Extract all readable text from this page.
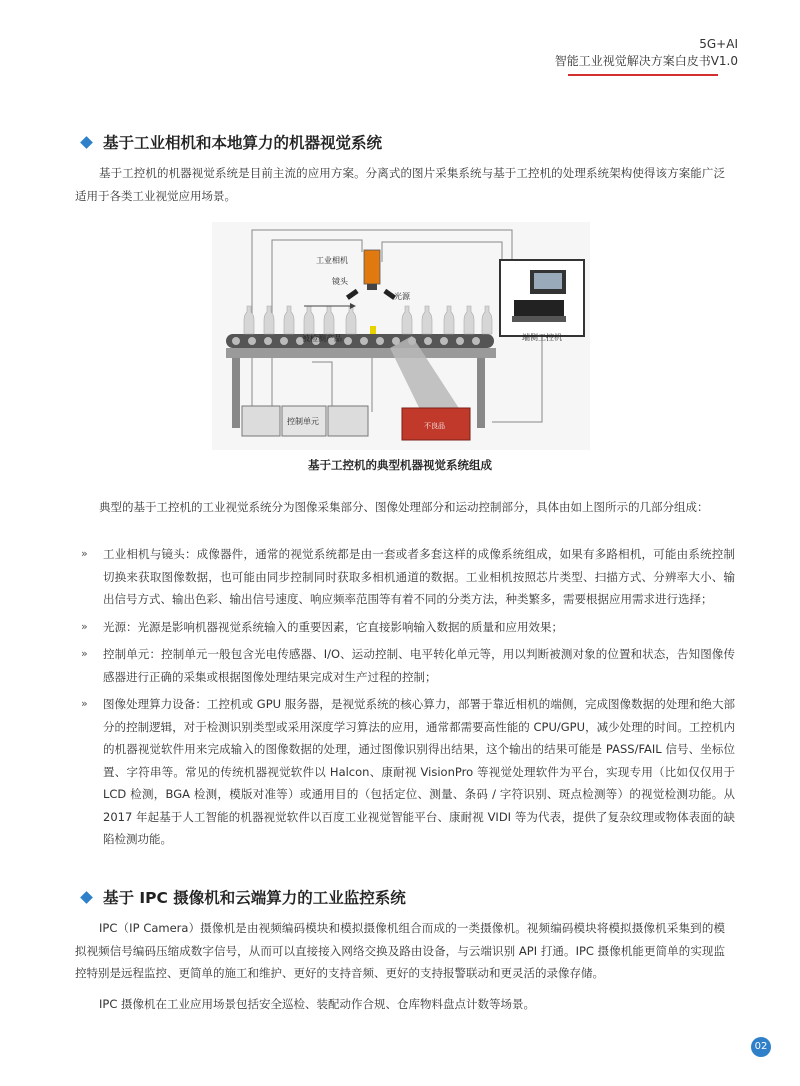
5G+AI
智能工业视觉解决方案白皮书V1.0
基于工业相机和本地算力的机器视觉系统

基于工控机的机器视觉系统是目前主流的应用方案。分离式的图片采集系统与基于工控机的处理系统架构使得该方案能广泛适用于各类工业视觉应用场景。

工业相机
镜头
光源
被检测产品
控制单元
端侧工控机
不良品
基于工控机的典型机器视觉系统组成

典型的基于工控机的工业视觉系统分为图像采集部分、图像处理部分和运动控制部分，具体由如上图所示的几部分组成：

» 工业相机与镜头：成像器件，通常的视觉系统都是由一套或者多套这样的成像系统组成，如果有多路相机，可能由系统控制切换来获取图像数据，也可能由同步控制同时获取多相机通道的数据。工业相机按照芯片类型、扫描方式、分辨率大小、输出信号方式、输出色彩、输出信号速度、响应频率范围等有着不同的分类方法，种类繁多，需要根据应用需求进行选择；
» 光源：光源是影响机器视觉系统输入的重要因素，它直接影响输入数据的质量和应用效果；
» 控制单元：控制单元一般包含光电传感器、I/O、运动控制、电平转化单元等，用以判断被测对象的位置和状态，告知图像传感器进行正确的采集或根据图像处理结果完成对生产过程的控制；
» 图像处理算力设备：工控机或 GPU 服务器，是视觉系统的核心算力，部署于靠近相机的端侧，完成图像数据的处理和绝大部分的控制逻辑，对于检测识别类型或采用深度学习算法的应用，通常都需要高性能的 CPU/GPU，减少处理的时间。工控机内的机器视觉软件用来完成输入的图像数据的处理，通过图像识别得出结果，这个输出的结果可能是 PASS/FAIL 信号、坐标位置、字符串等。常见的传统机器视觉软件以 Halcon、康耐视 VisionPro 等视觉处理软件为平台，实现专用（比如仅仅用于 LCD 检测，BGA 检测，模版对准等）或通用目的（包括定位、测量、条码 / 字符识别、斑点检测等）的视觉检测功能。从 2017 年起基于人工智能的机器视觉软件以百度工业视觉智能平台、康耐视 VIDI 等为代表，提供了复杂纹理或物体表面的缺陷检测功能。
基于 IPC 摄像机和云端算力的工业监控系统

IPC（IP Camera）摄像机是由视频编码模块和模拟摄像机组合而成的一类摄像机。视频编码模块将模拟摄像机采集到的模拟视频信号编码压缩成数字信号，从而可以直接接入网络交换及路由设备，与云端识别 API 打通。IPC 摄像机能更简单的实现监控特别是远程监控、更简单的施工和维护、更好的支持音频、更好的支持报警联动和更灵活的录像存储。

IPC 摄像机在工业应用场景包括安全巡检、装配动作合规、仓库物料盘点计数等场景。

02
